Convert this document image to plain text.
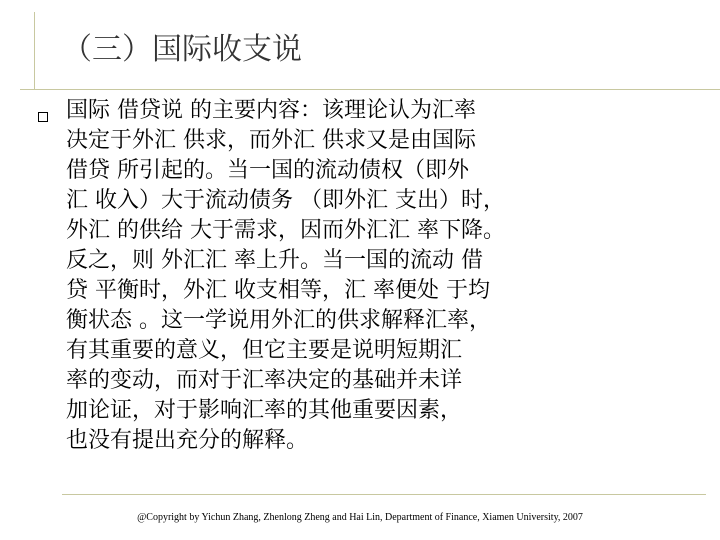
（三）国际收支说

国际 借贷说 的主要内容：该理论认为汇率
决定于外汇 供求，而外汇 供求又是由国际
借贷 所引起的。当一国的流动债权（即外
汇 收入）大于流动债务 （即外汇 支出）时，
外汇 的供给 大于需求，因而外汇汇 率下降。
反之，则 外汇汇 率上升。当一国的流动 借
贷 平衡时，外汇 收支相等，汇 率便处 于均
衡状态 。这一学说用外汇的供求解释汇率，
有其重要的意义，但它主要是说明短期汇
率的变动，而对于汇率决定的基础并未详
加论证，对于影响汇率的其他重要因素，
也没有提出充分的解释。

@Copyright by Yichun Zhang, Zhenlong Zheng and Hai Lin, Department of Finance, Xiamen University, 2007
